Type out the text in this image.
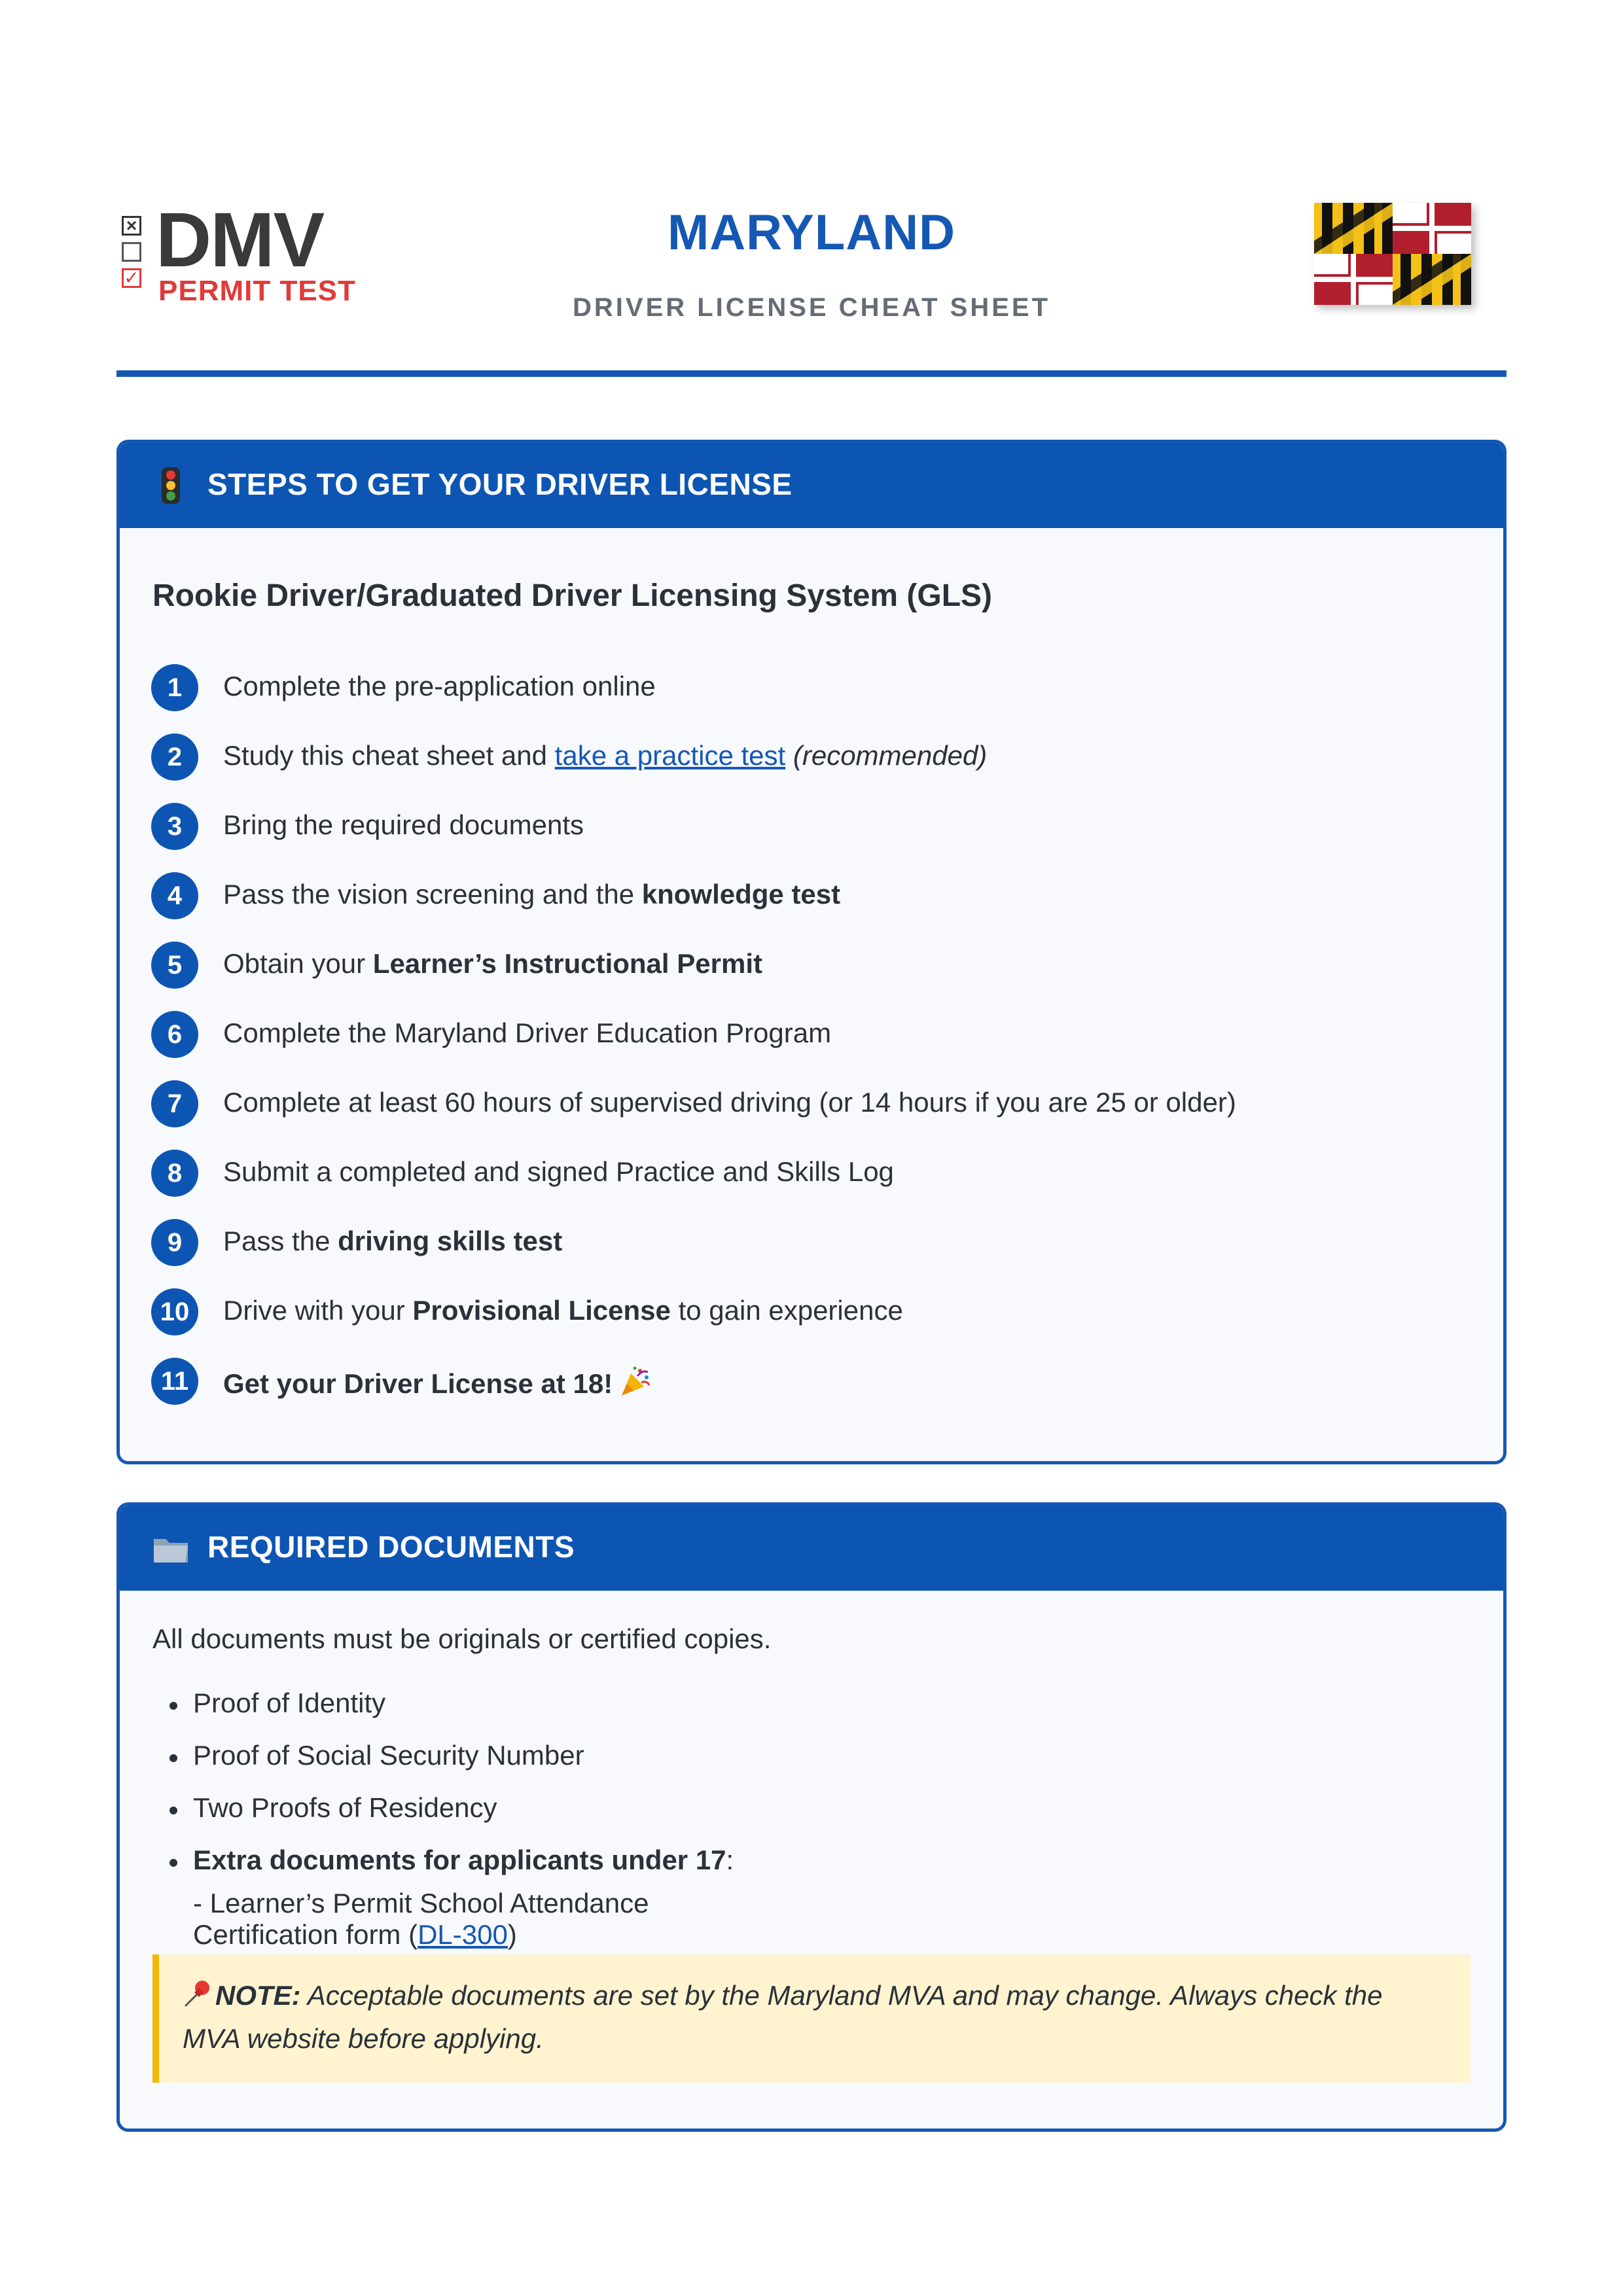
×
✓ DMV
PERMIT TEST
MARYLAND
DRIVER LICENSE CHEAT SHEET
STEPS TO GET YOUR DRIVER LICENSE
Rookie Driver/Graduated Driver Licensing System (GLS)
1	Complete the pre-application online
2	Study this cheat sheet and take a practice test (recommended)
3	Bring the required documents
4	Pass the vision screening and the knowledge test
5	Obtain your Learner’s Instructional Permit
6	Complete the Maryland Driver Education Program
7	Complete at least 60 hours of supervised driving (or 14 hours if you are 25 or older)
8	Submit a completed and signed Practice and Skills Log
9	Pass the driving skills test
10	Drive with your Provisional License to gain experience
11	Get your Driver License at 18!
REQUIRED DOCUMENTS
All documents must be originals or certified copies.
Proof of Identity
Proof of Social Security Number
Two Proofs of Residency
Extra documents for applicants under 17:
- Learner’s Permit School Attendance Certification form (DL-300)
NOTE: Acceptable documents are set by the Maryland MVA and may change. Always check the MVA website before applying.
